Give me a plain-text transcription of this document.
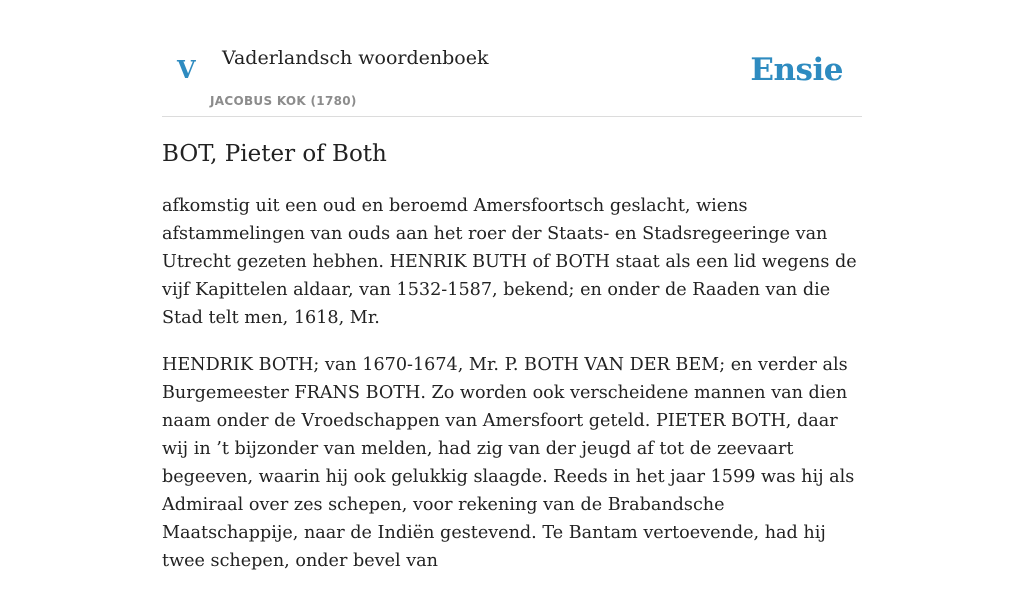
V Vaderlandsch woordenboek
JACOBUS KOK (1780)
Ensie
BOT, Pieter of Both

afkomstig uit een oud en beroemd Amersfoortsch geslacht, wiens afstammelingen van ouds aan het roer der Staats- en Stadsregeeringe van Utrecht gezeten hebhen. HENRIK BUTH of BOTH staat als een lid wegens de vijf Kapittelen aldaar, van 1532-1587, bekend; en onder de Raaden van die Stad telt men, 1618, Mr.

HENDRIK BOTH; van 1670-1674, Mr. P. BOTH VAN DER BEM; en verder als Burgemeester FRANS BOTH. Zo worden ook verscheidene mannen van dien naam onder de Vroedschappen van Amersfoort geteld. PIETER BOTH, daar wij in ’t bijzonder van melden, had zig van der jeugd af tot de zeevaart begeeven, waarin hij ook gelukkig slaagde. Reeds in het jaar 1599 was hij als Admiraal over zes schepen, voor rekening van de Brabandsche Maatschappije, naar de Indiën gestevend. Te Bantam vertoevende, had hij twee schepen, onder bevel van
